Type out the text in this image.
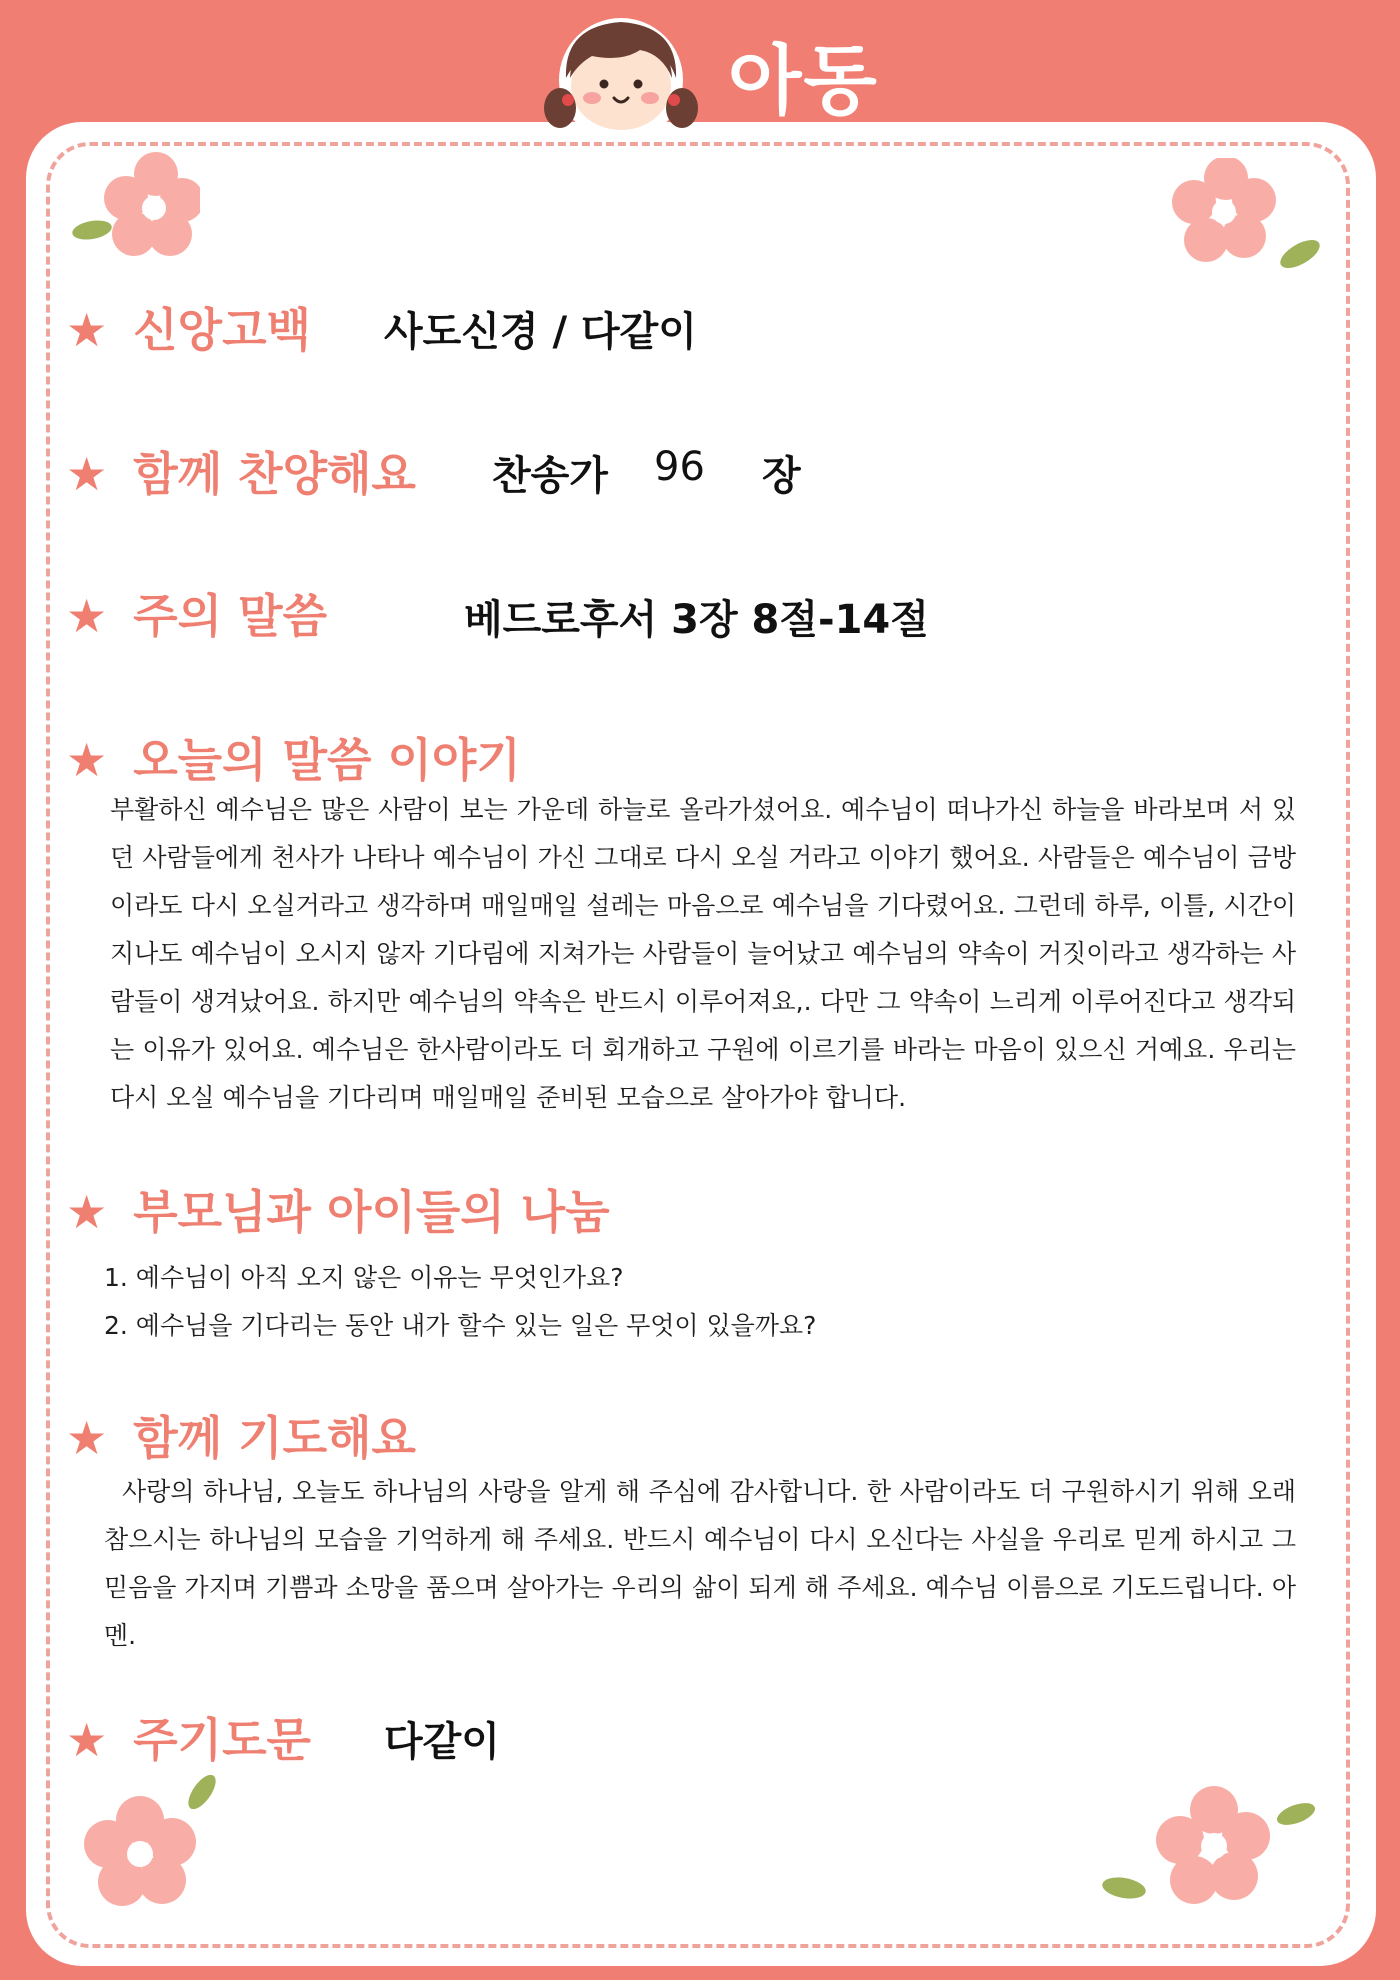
아동
★ 신앙고백 사도신경 / 다같이
★ 함께 찬양해요 찬송가 96 장
★ 주의 말씀	베드로후서 3장 8절-14절
★ 오늘의 말씀 이야기
부활하신 예수님은 많은 사람이 보는 가운데 하늘로 올라가셨어요. 예수님이 떠나가신 하늘을 바라보며 서 있던 사람들에게 천사가 나타나 예수님이 가신 그대로 다시 오실 거라고 이야기 했어요. 사람들은 예수님이 금방이라도 다시 오실거라고 생각하며 매일매일 설레는 마음으로 예수님을 기다렸어요. 그런데 하루, 이틀, 시간이 지나도 예수님이 오시지 않자 기다림에 지쳐가는 사람들이 늘어났고 예수님의 약속이 거짓이라고 생각하는 사람들이 생겨났어요. 하지만 예수님의 약속은 반드시 이루어져요,. 다만 그 약속이 느리게 이루어진다고 생각되는 이유가 있어요. 예수님은 한사람이라도 더 회개하고 구원에 이르기를 바라는 마음이 있으신 거예요. 우리는 다시 오실 예수님을 기다리며 매일매일 준비된 모습으로 살아가야 합니다.
★ 부모님과 아이들의 나눔
1. 예수님이 아직 오지 않은 이유는 무엇인가요?
2. 예수님을 기다리는 동안 내가 할수 있는 일은 무엇이 있을까요?
★ 함께 기도해요
사랑의 하나님, 오늘도 하나님의 사랑을 알게 해 주심에 감사합니다. 한 사람이라도 더 구원하시기 위해 오래 참으시는 하나님의 모습을 기억하게 해 주세요. 반드시 예수님이 다시 오신다는 사실을 우리로 믿게 하시고 그 믿음을 가지며 기쁨과 소망을 품으며 살아가는 우리의 삶이 되게 해 주세요. 예수님 이름으로 기도드립니다. 아멘.
★ 주기도문 다같이
